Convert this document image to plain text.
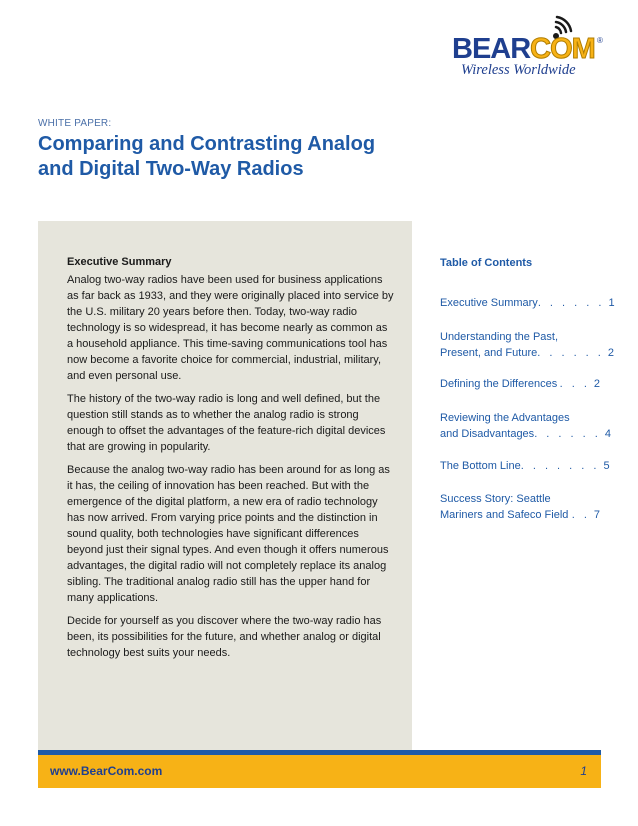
BEARCOM ®
Wireless Worldwide
WHITE PAPER:
Comparing and Contrasting Analog
and Digital Two-Way Radios
Executive Summary

Analog two-way radios have been used for business applications as far back as 1933, and they were originally placed into service by the U.S. military 20 years before then. Today, two-way radio technology is so widespread, it has become nearly as common as a household appliance. This time-saving communications tool has now become a favorite choice for commercial, industrial, military, and even personal use.

The history of the two-way radio is long and well defined, but the question still stands as to whether the analog radio is strong enough to offset the advantages of the feature-rich digital devices that are growing in popularity.

Because the analog two-way radio has been around for as long as it has, the ceiling of innovation has been reached. But with the emergence of the digital platform, a new era of radio technology has now arrived. From varying price points and the distinction in sound quality, both technologies have significant differences beyond just their signal types. And even though it offers numerous advantages, the digital radio will not completely replace its analog sibling. The traditional analog radio still has the upper hand for many applications.

Decide for yourself as you discover where the two-way radio has been, its possibilities for the future, and whether analog or digital technology best suits your needs.

Table of Contents
Executive Summary . . . . . . 1
Understanding the Past,
Present, and Future . . . . . . 2
Defining the Differences . . . 2
Reviewing the Advantages
and Disadvantages . . . . . . 4
The Bottom Line . . . . . . . 5
Success Story: Seattle
Mariners and Safeco Field . . 7
www.BearCom.com	1
